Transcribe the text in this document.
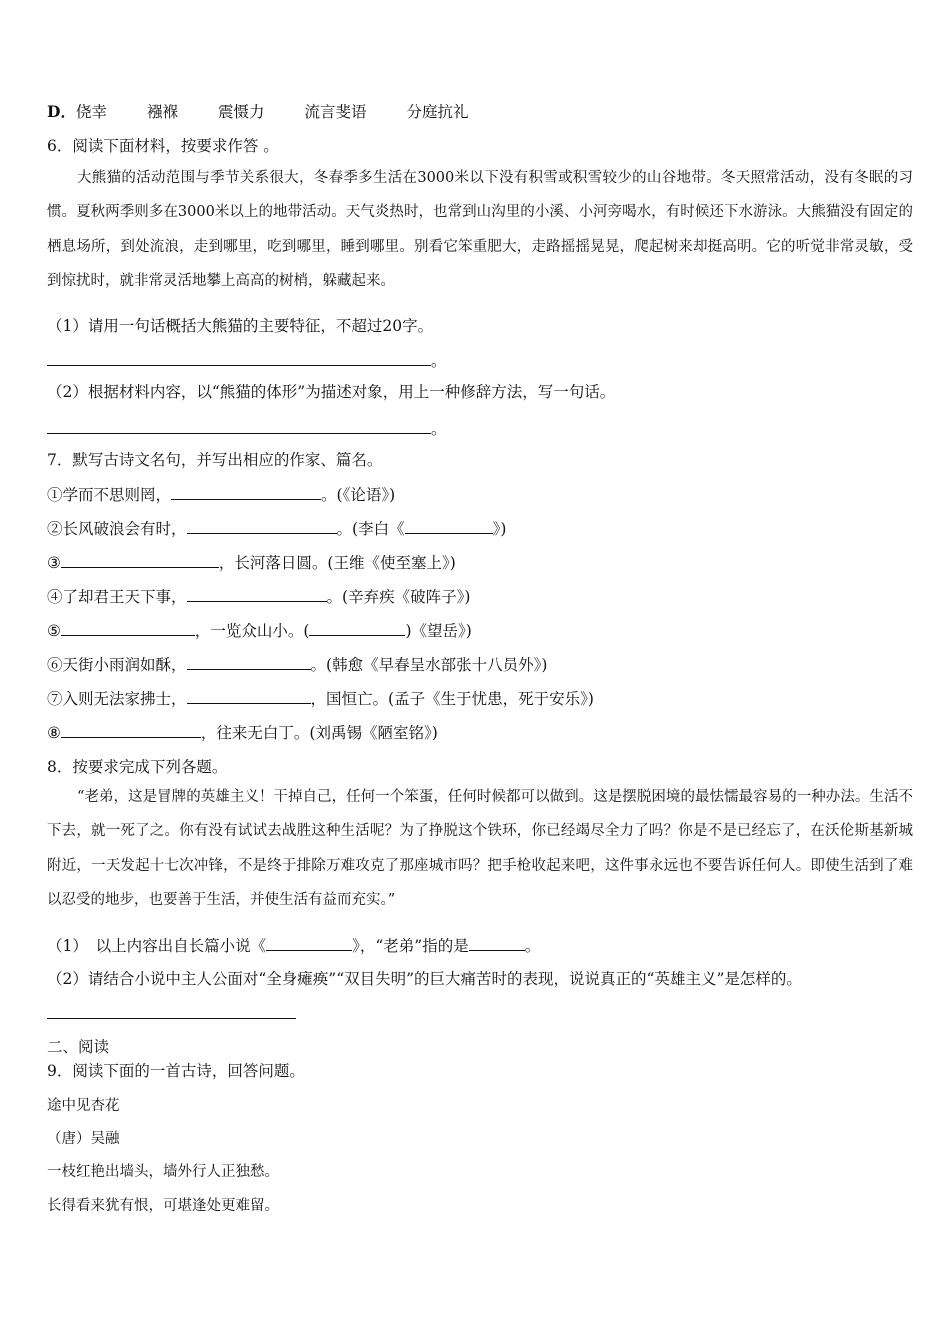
D．侥幸	襁褓	震慑力	流言斐语	分庭抗礼
6．阅读下面材料，按要求作答 。
大熊猫的活动范围与季节关系很大，冬春季多生活在3000米以下没有积雪或积雪较少的山谷地带。冬天照常活动，没有冬眠的习惯。夏秋两季则多在3000米以上的地带活动。天气炎热时，也常到山沟里的小溪、小河旁喝水，有时候还下水游泳。大熊猫没有固定的栖息场所，到处流浪，走到哪里，吃到哪里，睡到哪里。别看它笨重肥大，走路摇摇晃晃，爬起树来却挺高明。它的听觉非常灵敏，受到惊扰时，就非常灵活地攀上高高的树梢，躲藏起来。
（1）请用一句话概括大熊猫的主要特征，不超过20字。
。
（2）根据材料内容，以“熊猫的体形”为描述对象，用上一种修辞方法，写一句话。
。
7．默写古诗文名句，并写出相应的作家、篇名。
①学而不思则罔，	。(《论语》)
②长风破浪会有时，	。(李白《	》)
③	，长河落日圆。(王维《使至塞上》)
④了却君王天下事，	。(辛弃疾《破阵子》)
⑤	，一览众山小。(	)《望岳》)
⑥天街小雨润如酥，	。(韩愈《早春呈水部张十八员外》)
⑦入则无法家拂士，	，国恒亡。(孟子《生于忧患，死于安乐》)
⑧	，往来无白丁。(刘禹锡《陋室铭》)
8．按要求完成下列各题。
“老弟，这是冒牌的英雄主义！干掉自己，任何一个笨蛋，任何时候都可以做到。这是摆脱困境的最怯懦最容易的一种办法。生活不下去，就一死了之。你有没有试试去战胜这种生活呢？为了挣脱这个铁环，你已经竭尽全力了吗？你是不是已经忘了，在沃伦斯基新城附近，一天发起十七次冲锋，不是终于排除万难攻克了那座城市吗？把手枪收起来吧，这件事永远也不要告诉任何人。即使生活到了难以忍受的地步，也要善于生活，并使生活有益而充实。”
（1）　以上内容出自长篇小说《	》，“老弟”指的是	。
（2）请结合小说中主人公面对“全身瘫痪”“双目失明”的巨大痛苦时的表现，说说真正的“英雄主义”是怎样的。
二、阅读
9．阅读下面的一首古诗，回答问题。
途中见杏花
（唐）吴融
一枝红艳出墙头，墙外行人正独愁。
长得看来犹有恨，可堪逢处更难留。
